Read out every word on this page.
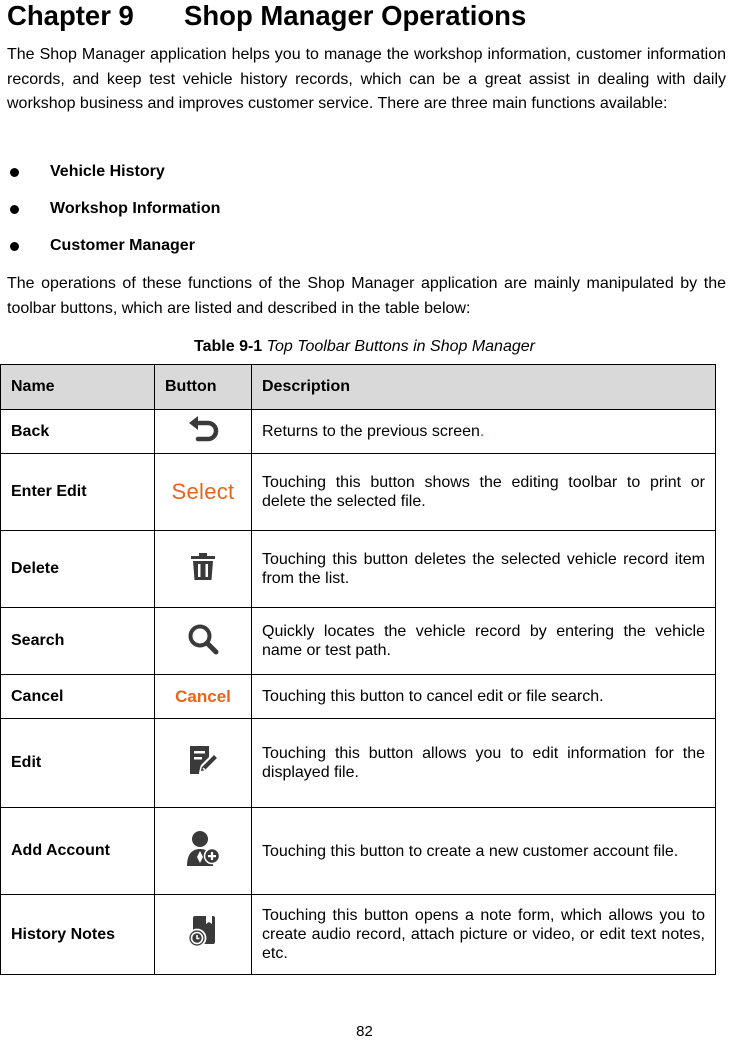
Chapter 9 Shop Manager Operations

The Shop Manager application helps you to manage the workshop information, customer information records, and keep test vehicle history records, which can be a great assist in dealing with daily workshop business and improves customer service. There are three main functions available:

Vehicle History
Workshop Information
Customer Manager

The operations of these functions of the Shop Manager application are mainly manipulated by the toolbar buttons, which are listed and described in the table below:

Table 9-1 Top Toolbar Buttons in Shop Manager
Name	Button	Description
Back		Returns to the previous screen.
Enter Edit	Select	Touching this button shows the editing toolbar to print or delete the selected file.
Delete		Touching this button deletes the selected vehicle record item from the list.
Search		Quickly locates the vehicle record by entering the vehicle name or test path.
Cancel	Cancel	Touching this button to cancel edit or file search.
Edit		Touching this button allows you to edit information for the displayed file.
Add Account		Touching this button to create a new customer account file.
History Notes		Touching this button opens a note form, which allows you to create audio record, attach picture or video, or edit text notes, etc.
82
